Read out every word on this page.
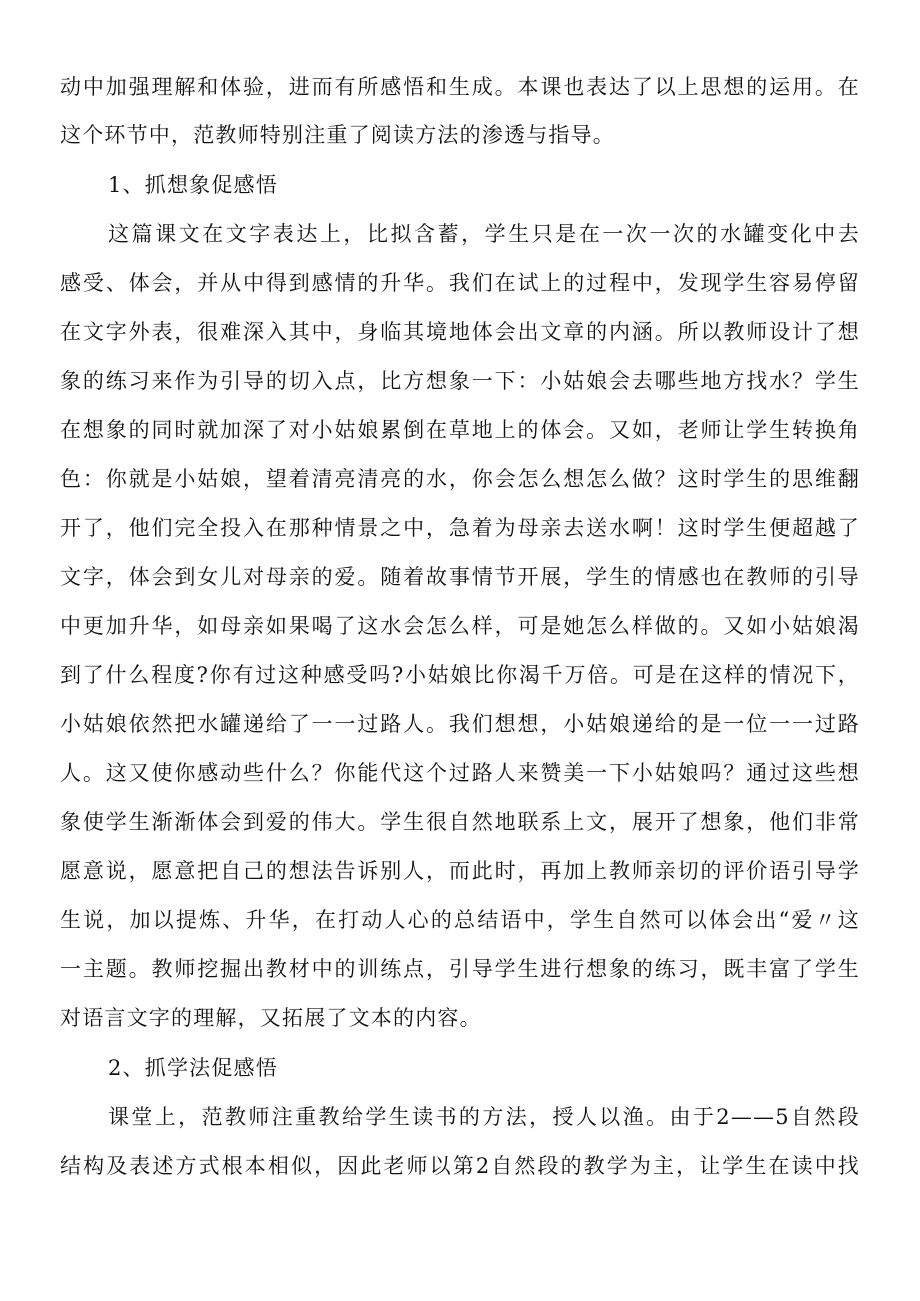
动中加强理解和体验，进而有所感悟和生成。本课也表达了以上思想的运用。在
这个环节中，范教师特别注重了阅读方法的渗透与指导。
1、抓想象促感悟
这篇课文在文字表达上，比拟含蓄，学生只是在一次一次的水罐变化中去
感受、体会，并从中得到感情的升华。我们在试上的过程中，发现学生容易停留
在文字外表，很难深入其中，身临其境地体会出文章的内涵。所以教师设计了想
象的练习来作为引导的切入点，比方想象一下：小姑娘会去哪些地方找水？学生
在想象的同时就加深了对小姑娘累倒在草地上的体会。又如，老师让学生转换角
色：你就是小姑娘，望着清亮清亮的水，你会怎么想怎么做？这时学生的思维翻
开了，他们完全投入在那种情景之中，急着为母亲去送水啊！这时学生便超越了
文字，体会到女儿对母亲的爱。随着故事情节开展，学生的情感也在教师的引导
中更加升华，如母亲如果喝了这水会怎么样，可是她怎么样做的。又如小姑娘渴
到了什么程度?你有过这种感受吗?小姑娘比你渴千万倍。可是在这样的情况下，
小姑娘依然把水罐递给了一一过路人。我们想想，小姑娘递给的是一位一一过路
人。这又使你感动些什么？你能代这个过路人来赞美一下小姑娘吗？通过这些想
象使学生渐渐体会到爱的伟大。学生很自然地联系上文，展开了想象，他们非常
愿意说，愿意把自己的想法告诉别人，而此时，再加上教师亲切的评价语引导学
生说，加以提炼、升华，在打动人心的总结语中，学生自然可以体会出“爱〃这
一主题。教师挖掘出教材中的训练点，引导学生进行想象的练习，既丰富了学生
对语言文字的理解，又拓展了文本的内容。
2、抓学法促感悟
课堂上，范教师注重教给学生读书的方法，授人以渔。由于2——5自然段
结构及表述方式根本相似，因此老师以第2自然段的教学为主，让学生在读中找
